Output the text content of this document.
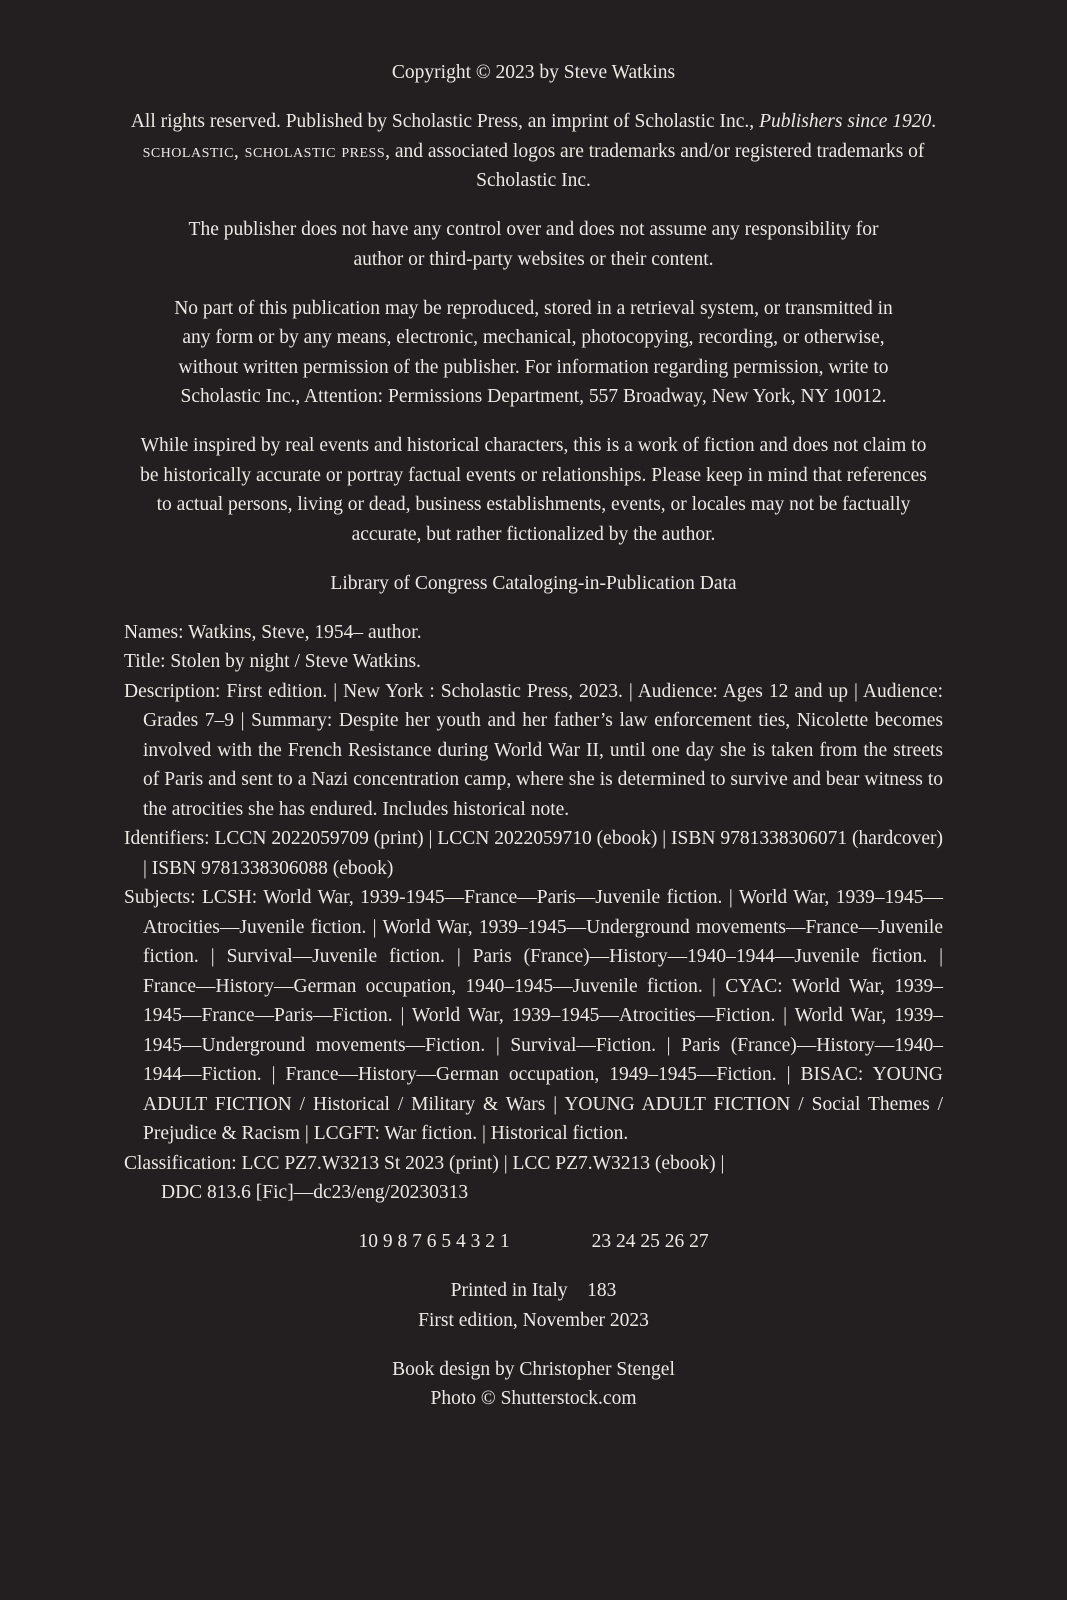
Copyright © 2023 by Steve Watkins

All rights reserved. Published by Scholastic Press, an imprint of Scholastic Inc., Publishers since 1920. scholastic, scholastic press, and associated logos are trademarks and/or registered trademarks of Scholastic Inc.

The publisher does not have any control over and does not assume any responsibility for author or third-party websites or their content.

No part of this publication may be reproduced, stored in a retrieval system, or transmitted in any form or by any means, electronic, mechanical, photocopying, recording, or otherwise, without written permission of the publisher. For information regarding permission, write to Scholastic Inc., Attention: Permissions Department, 557 Broadway, New York, NY 10012.

While inspired by real events and historical characters, this is a work of fiction and does not claim to be historically accurate or portray factual events or relationships. Please keep in mind that references to actual persons, living or dead, business establishments, events, or locales may not be factually accurate, but rather fictionalized by the author.

Library of Congress Cataloging-in-Publication Data

Names: Watkins, Steve, 1954– author.

Title: Stolen by night / Steve Watkins.

Description: First edition. | New York : Scholastic Press, 2023. | Audience: Ages 12 and up | Audience: Grades 7–9 | Summary: Despite her youth and her father’s law enforcement ties, Nicolette becomes involved with the French Resistance during World War II, until one day she is taken from the streets of Paris and sent to a Nazi concentration camp, where she is determined to survive and bear witness to the atrocities she has endured. Includes historical note.

Identifiers: LCCN 2022059709 (print) | LCCN 2022059710 (ebook) | ISBN 9781338306071 (hardcover) | ISBN 9781338306088 (ebook)

Subjects: LCSH: World War, 1939-1945—France—Paris—Juvenile fiction. | World War, 1939–1945—Atrocities—Juvenile fiction. | World War, 1939–1945—Underground movements—France—Juvenile fiction. | Survival—Juvenile fiction. | Paris (France)—History—1940–1944—Juvenile fiction. | France—History—German occupation, 1940–1945—Juvenile fiction. | CYAC: World War, 1939–1945—France—Paris—Fiction. | World War, 1939–1945—Atrocities—Fiction. | World War, 1939–1945—Underground movements—Fiction. | Survival—Fiction. | Paris (France)—History—1940–1944—Fiction. | France—History—German occupation, 1949–1945—Fiction. | BISAC: YOUNG ADULT FICTION / Historical / Military & Wars | YOUNG ADULT FICTION / Social Themes / Prejudice & Racism | LCGFT: War fiction. | Historical fiction.

Classification: LCC PZ7.W3213 St 2023 (print) | LCC PZ7.W3213 (ebook) |
DDC 813.6 [Fic]—dc23/eng/20230313

10 9 8 7 6 5 4 3 2 1	23 24 25 26 27

Printed in Italy    183
First edition, November 2023
Book design by Christopher Stengel
Photo © Shutterstock.com
